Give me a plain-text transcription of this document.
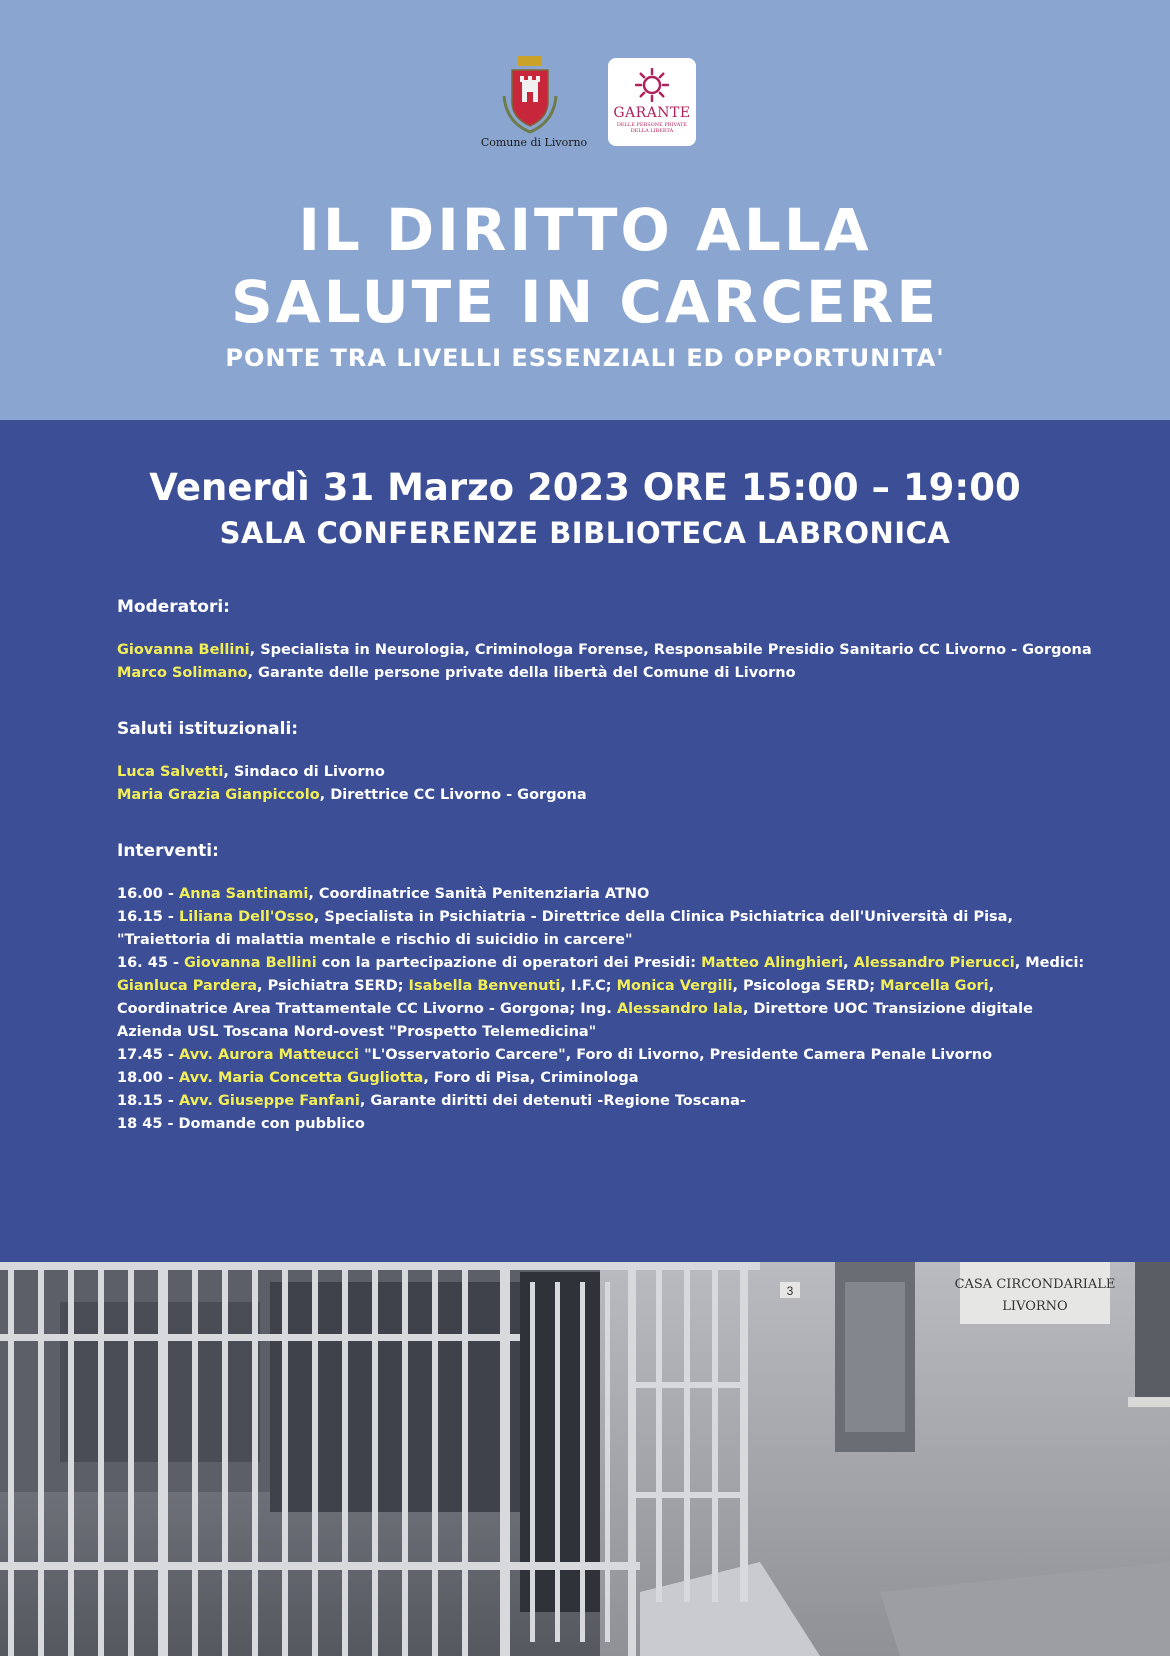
Comune di Livorno
GARANTE
DELLE PERSONE PRIVATE DELLA LIBERTÀ
IL DIRITTO ALLA
SALUTE IN CARCERE
PONTE TRA LIVELLI ESSENZIALI ED OPPORTUNITA'
Venerdì 31 Marzo 2023 ORE 15:00 – 19:00
SALA CONFERENZE BIBLIOTECA LABRONICA
Moderatori:
Giovanna Bellini, Specialista in Neurologia, Criminologa Forense, Responsabile Presidio Sanitario CC Livorno - Gorgona
Marco Solimano, Garante delle persone private della libertà del Comune di Livorno
Saluti istituzionali:
Luca Salvetti, Sindaco di Livorno
Maria Grazia Gianpiccolo, Direttrice CC Livorno - Gorgona
Interventi:
16.00 - Anna Santinami, Coordinatrice Sanità Penitenziaria ATNO
16.15 - Liliana Dell'Osso, Specialista in Psichiatria - Direttrice della Clinica Psichiatrica dell'Università di Pisa, "Traiettoria di malattia mentale e rischio di suicidio in carcere"
16. 45 - Giovanna Bellini con la partecipazione di operatori dei Presidi: Matteo Alinghieri, Alessandro Pierucci, Medici: Gianluca Pardera, Psichiatra SERD; Isabella Benvenuti, I.F.C; Monica Vergili, Psicologa SERD; Marcella Gori, Coordinatrice Area Trattamentale CC Livorno - Gorgona; Ing. Alessandro Iala, Direttore UOC Transizione digitale Azienda USL Toscana Nord-ovest "Prospetto Telemedicina"
17.45 - Avv. Aurora Matteucci "L'Osservatorio Carcere", Foro di Livorno, Presidente Camera Penale Livorno
18.00 - Avv. Maria Concetta Gugliotta, Foro di Pisa, Criminologa
18.15 - Avv. Giuseppe Fanfani, Garante diritti dei detenuti -Regione Toscana-
18 45 - Domande con pubblico
CASA CIRCONDARIALE
LIVORNO
3
